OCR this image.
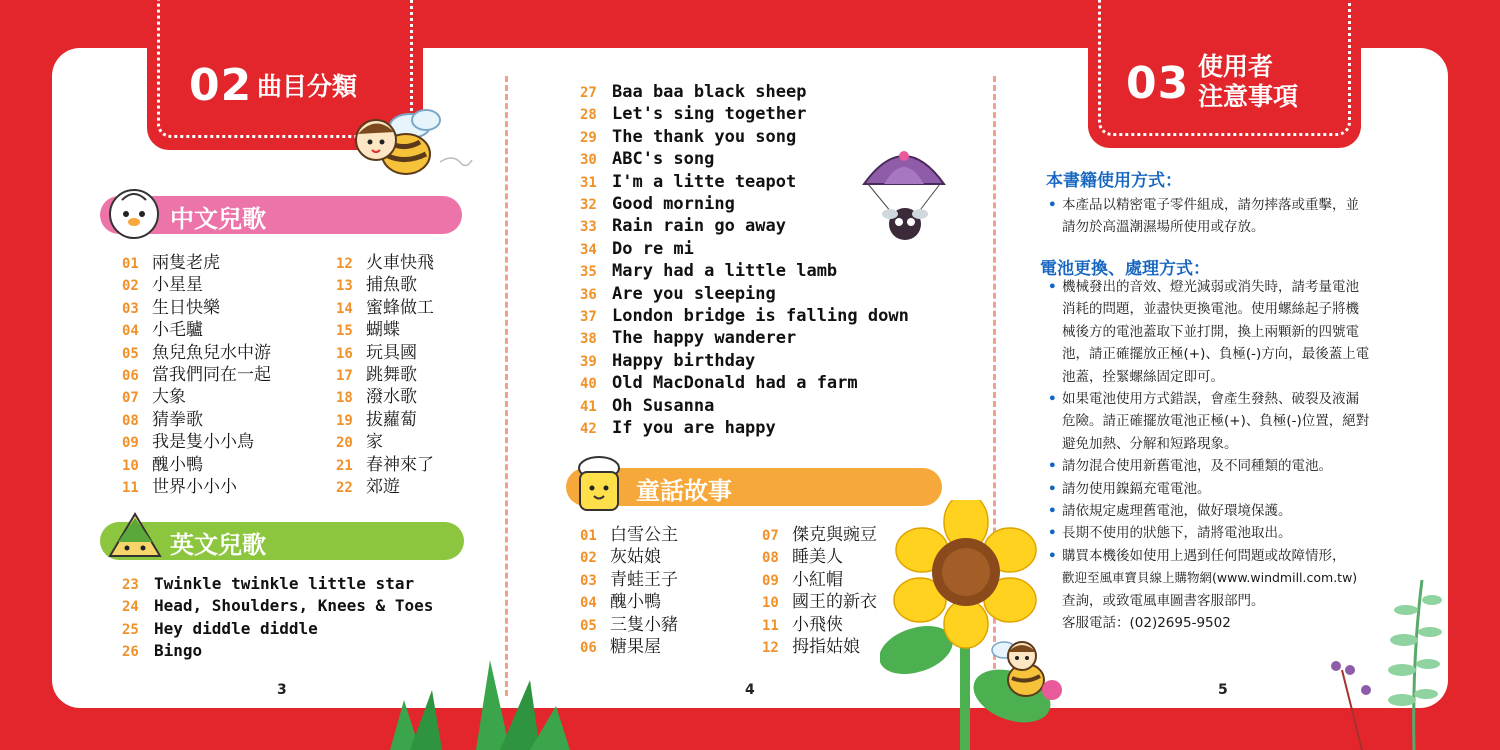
02 曲目分類
中文兒歌
01 兩隻老虎
02 小星星
03 生日快樂
04 小毛驢
05 魚兒魚兒水中游
06 當我們同在一起
07 大象
08 猜拳歌
09 我是隻小小鳥
10 醜小鴨
11 世界小小小
12 火車快飛
13 捕魚歌
14 蜜蜂做工
15 蝴蝶
16 玩具國
17 跳舞歌
18 潑水歌
19 拔蘿蔔
20 家
21 春神來了
22 郊遊
英文兒歌
23 Twinkle twinkle little star
24 Head, Shoulders, Knees & Toes
25 Hey diddle diddle
26 Bingo
3
27 Baa baa black sheep
28 Let's sing together
29 The thank you song
30 ABC's song
31 I'm a litte teapot
32 Good morning
33 Rain rain go away
34 Do re mi
35 Mary had a little lamb
36 Are you sleeping
37 London bridge is falling down
38 The happy wanderer
39 Happy birthday
40 Old MacDonald had a farm
41 Oh Susanna
42 If you are happy
童話故事
01 白雪公主
02 灰姑娘
03 青蛙王子
04 醜小鴨
05 三隻小豬
06 糖果屋
07 傑克與豌豆
08 睡美人
09 小紅帽
10 國王的新衣
11 小飛俠
12 拇指姑娘
4
03 使用者
注意事項
本書籍使用方式：
• 本產品以精密電子零件組成，請勿摔落或重擊，並
請勿於高溫潮濕場所使用或存放。
電池更換、處理方式：
• 機械發出的音效、燈光減弱或消失時，請考量電池
消耗的問題，並盡快更換電池。使用螺絲起子將機
械後方的電池蓋取下並打開，換上兩顆新的四號電
池，請正確擺放正極(+)、負極(-)方向，最後蓋上電
池蓋，拴緊螺絲固定即可。
• 如果電池使用方式錯誤，會產生發熱、破裂及液漏
危險。請正確擺放電池正極(+)、負極(-)位置，絕對
避免加熱、分解和短路現象。
• 請勿混合使用新舊電池，及不同種類的電池。
• 請勿使用鎳鎘充電電池。
• 請依規定處理舊電池，做好環境保護。
• 長期不使用的狀態下，請將電池取出。
• 購買本機後如使用上遇到任何問題或故障情形，
歡迎至風車寶貝線上購物網(www.windmill.com.tw)
查詢，或致電風車圖書客服部門。
客服電話：(02)2695-9502
5
